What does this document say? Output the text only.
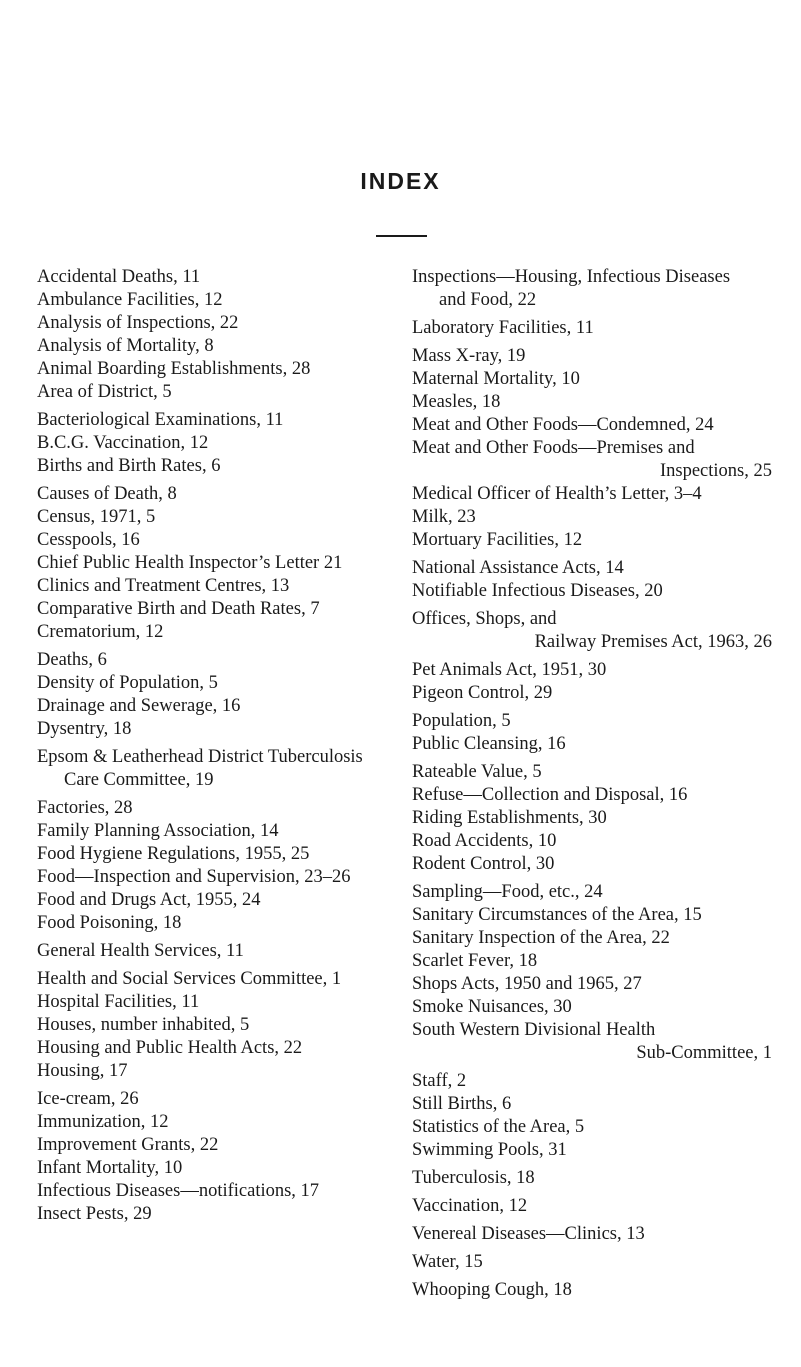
INDEX
Accidental Deaths, 11
Ambulance Facilities, 12
Analysis of Inspections, 22
Analysis of Mortality, 8
Animal Boarding Establishments, 28
Area of District, 5
Bacteriological Examinations, 11
B.C.G. Vaccination, 12
Births and Birth Rates, 6
Causes of Death, 8
Census, 1971, 5
Cesspools, 16
Chief Public Health Inspector’s Letter 21
Clinics and Treatment Centres, 13
Comparative Birth and Death Rates, 7
Crematorium, 12
Deaths, 6
Density of Population, 5
Drainage and Sewerage, 16
Dysentry, 18
Epsom & Leatherhead District Tuberculosis
Care Committee, 19
Factories, 28
Family Planning Association, 14
Food Hygiene Regulations, 1955, 25
Food—Inspection and Supervision, 23–26
Food and Drugs Act, 1955, 24
Food Poisoning, 18
General Health Services, 11
Health and Social Services Committee, 1
Hospital Facilities, 11
Houses, number inhabited, 5
Housing and Public Health Acts, 22
Housing, 17
Ice-cream, 26
Immunization, 12
Improvement Grants, 22
Infant Mortality, 10
Infectious Diseases—notifications, 17
Insect Pests, 29
Inspections—Housing, Infectious Diseases
and Food, 22
Laboratory Facilities, 11
Mass X-ray, 19
Maternal Mortality, 10
Measles, 18
Meat and Other Foods—Condemned, 24
Meat and Other Foods—Premises and
Inspections, 25
Medical Officer of Health’s Letter, 3–4
Milk, 23
Mortuary Facilities, 12
National Assistance Acts, 14
Notifiable Infectious Diseases, 20
Offices, Shops, and
Railway Premises Act, 1963, 26
Pet Animals Act, 1951, 30
Pigeon Control, 29
Population, 5
Public Cleansing, 16
Rateable Value, 5
Refuse—Collection and Disposal, 16
Riding Establishments, 30
Road Accidents, 10
Rodent Control, 30
Sampling—Food, etc., 24
Sanitary Circumstances of the Area, 15
Sanitary Inspection of the Area, 22
Scarlet Fever, 18
Shops Acts, 1950 and 1965, 27
Smoke Nuisances, 30
South Western Divisional Health
Sub-Committee, 1
Staff, 2
Still Births, 6
Statistics of the Area, 5
Swimming Pools, 31
Tuberculosis, 18
Vaccination, 12
Venereal Diseases—Clinics, 13
Water, 15
Whooping Cough, 18
